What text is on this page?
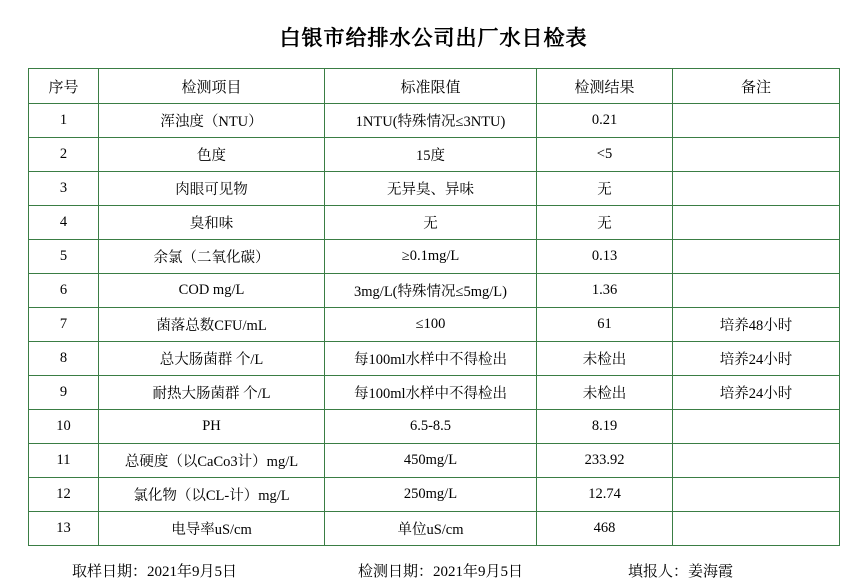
白银市给排水公司出厂水日检表
序号	检测项目	标准限值	检测结果	备注
1	浑浊度（NTU）	1NTU(特殊情况≤3NTU)	0.21	
2	色度	15度	<5	
3	肉眼可见物	无异臭、异味	无	
4	臭和味	无	无	
5	余氯（二氧化碳）	≥0.1mg/L	0.13	
6	COD mg/L	3mg/L(特殊情况≤5mg/L)	1.36	
7	菌落总数CFU/mL	≤100	61	培养48小时
8	总大肠菌群 个/L	每100ml水样中不得检出	未检出	培养24小时
9	耐热大肠菌群 个/L	每100ml水样中不得检出	未检出	培养24小时
10	PH	6.5-8.5	8.19	
11	总硬度（以CaCo3计）mg/L	450mg/L	233.92	
12	氯化物（以CL-计）mg/L	250mg/L	12.74	
13	电导率uS/cm	单位uS/cm	468	
取样日期：2021年9月5日	检测日期：2021年9月5日	填报人：姜海霞
